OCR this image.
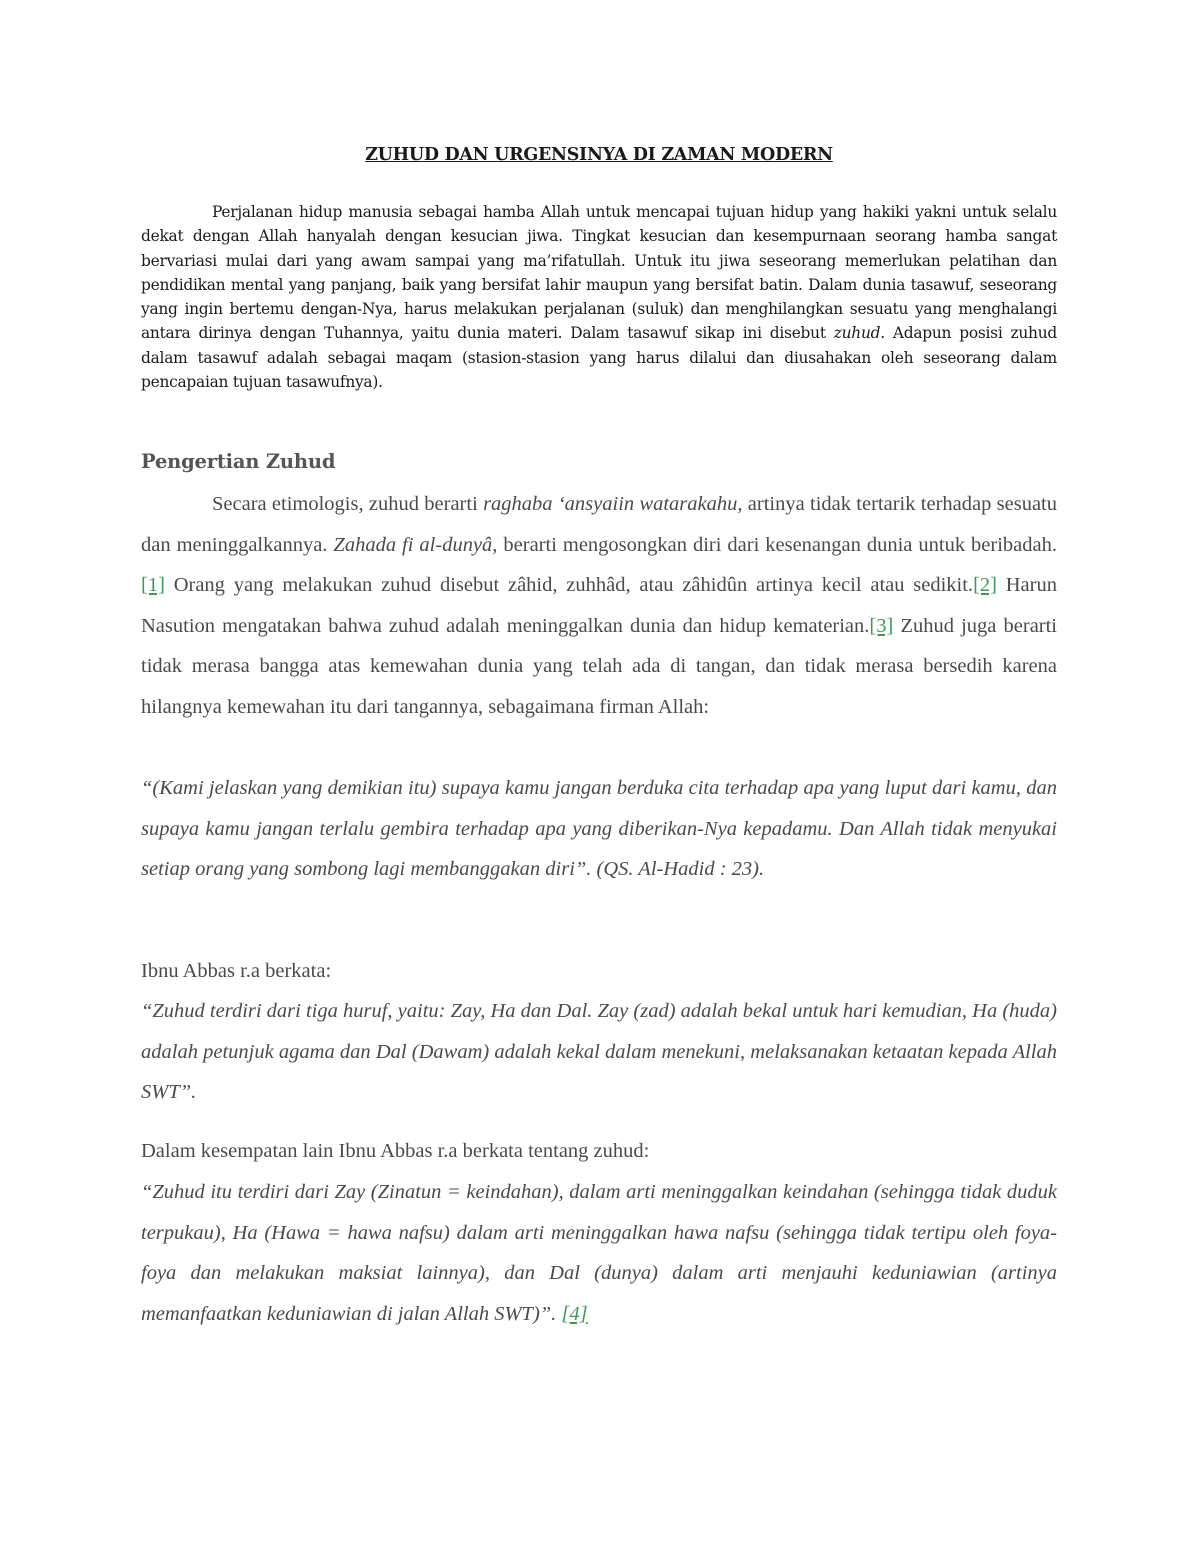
ZUHUD DAN URGENSINYA DI ZAMAN MODERN

Perjalanan hidup manusia sebagai hamba Allah untuk mencapai tujuan hidup yang hakiki yakni untuk selalu dekat dengan Allah hanyalah dengan kesucian jiwa. Tingkat kesucian dan kesempurnaan seorang hamba sangat bervariasi mulai dari yang awam sampai yang ma’rifatullah. Untuk itu jiwa seseorang memerlukan pelatihan dan pendidikan mental yang panjang, baik yang bersifat lahir maupun yang bersifat batin. Dalam dunia tasawuf, seseorang yang ingin bertemu dengan-Nya, harus melakukan perjalanan (suluk) dan menghilangkan sesuatu yang menghalangi antara dirinya dengan Tuhannya, yaitu dunia materi. Dalam tasawuf sikap ini disebut zuhud. Adapun posisi zuhud dalam tasawuf adalah sebagai maqam (stasion-stasion yang harus dilalui dan diusahakan oleh seseorang dalam pencapaian tujuan tasawufnya).

Pengertian Zuhud

Secara etimologis, zuhud berarti raghaba ‘ansyaiin watarakahu, artinya tidak tertarik terhadap sesuatu dan meninggalkannya. Zahada fi al-dunyâ, berarti mengosongkan diri dari kesenangan dunia untuk beribadah.[1] Orang yang melakukan zuhud disebut zâhid, zuhhâd, atau zâhidûn artinya kecil atau sedikit.[2] Harun Nasution mengatakan bahwa zuhud adalah meninggalkan dunia dan hidup kematerian.[3] Zuhud juga berarti tidak merasa bangga atas kemewahan dunia yang telah ada di tangan, dan tidak merasa bersedih karena hilangnya kemewahan itu dari tangannya, sebagaimana firman Allah:

“(Kami jelaskan yang demikian itu) supaya kamu jangan berduka cita terhadap apa yang luput dari kamu, dan supaya kamu jangan terlalu gembira terhadap apa yang diberikan-Nya kepadamu. Dan Allah tidak menyukai setiap orang yang sombong lagi membanggakan diri”. (QS. Al-Hadid : 23).

Ibnu Abbas r.a berkata:

“Zuhud terdiri dari tiga huruf, yaitu: Zay, Ha dan Dal. Zay (zad) adalah bekal untuk hari kemudian, Ha (huda) adalah petunjuk agama dan Dal (Dawam) adalah kekal dalam menekuni, melaksanakan ketaatan kepada Allah SWT”.

Dalam kesempatan lain Ibnu Abbas r.a berkata tentang zuhud:

“Zuhud itu terdiri dari Zay (Zinatun = keindahan), dalam arti meninggalkan keindahan (sehingga tidak duduk terpukau), Ha (Hawa = hawa nafsu) dalam arti meninggalkan hawa nafsu (sehingga tidak tertipu oleh foya-foya dan melakukan maksiat lainnya), dan Dal (dunya) dalam arti menjauhi keduniawian (artinya memanfaatkan keduniawian di jalan Allah SWT)”. [4]
